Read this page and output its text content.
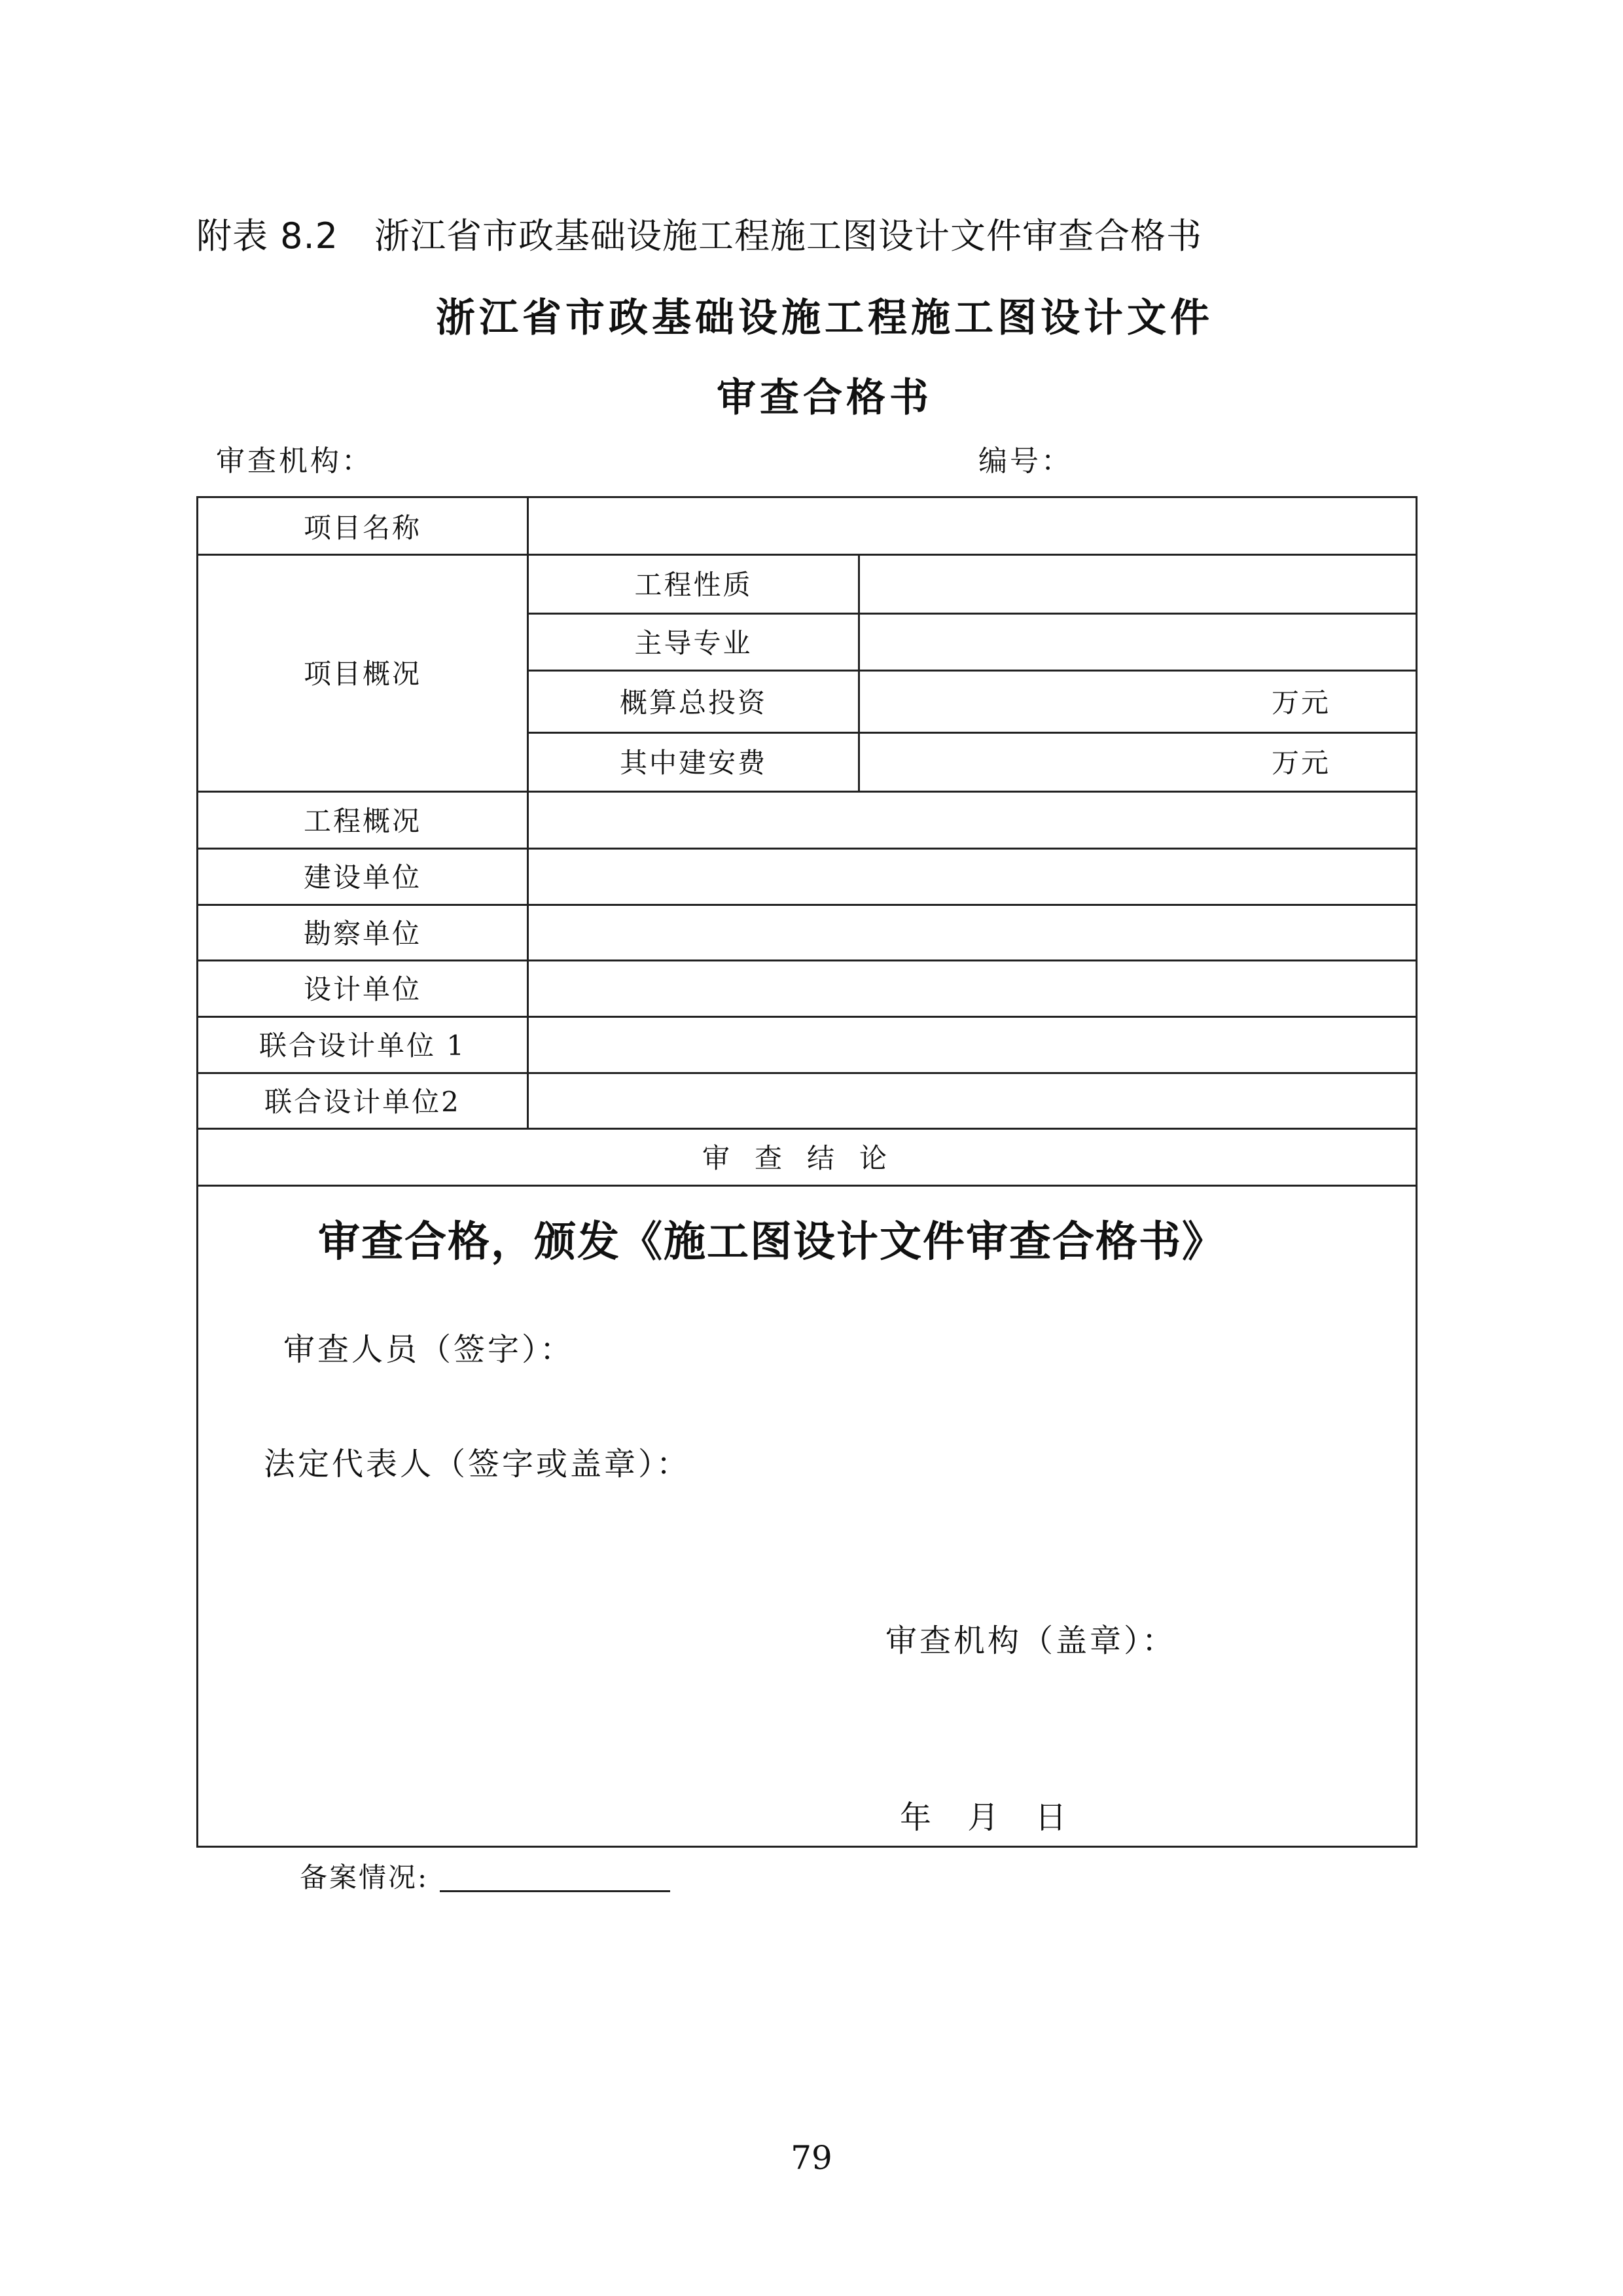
附表 8.2　浙江省市政基础设施工程施工图设计文件审查合格书
浙江省市政基础设施工程施工图设计文件
审查合格书
审查机构：	编号：
项目名称
项目概况
工程性质
主导专业
概算总投资	万元
其中建安费	万元
工程概况
建设单位
勘察单位
设计单位
联合设计单位 1
联合设计单位2
审查结论
审查合格，颁发《施工图设计文件审查合格书》
审查人员（签字）：
法定代表人（签字或盖章）：
审查机构（盖章）：
年 月 日
备案情况:
79
